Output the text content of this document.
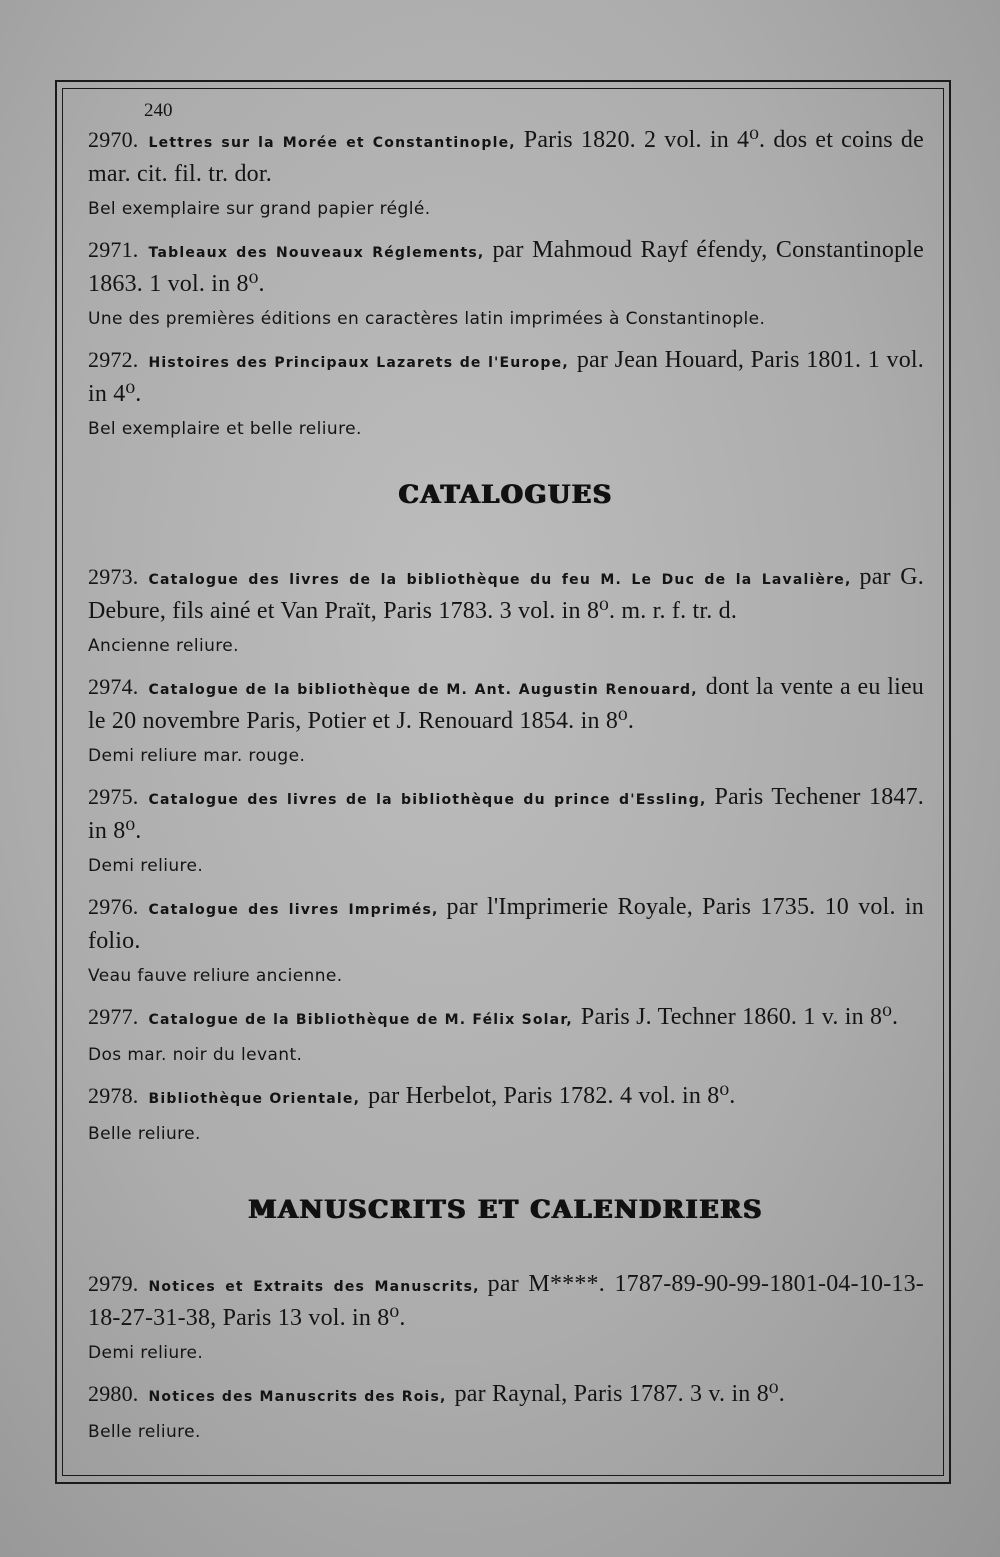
240

2970. Lettres sur la Morée et Constantinople, Paris 1820. 2 vol. in 4⁰. dos et coins de mar. cit. fil. tr. dor.

Bel exemplaire sur grand papier réglé.

2971. Tableaux des Nouveaux Réglements, par Mahmoud Rayf éfendy, Constantinople 1863. 1 vol. in 8⁰.

Une des premières éditions en caractères latin imprimées à Constantinople.

2972. Histoires des Principaux Lazarets de l'Europe, par Jean Houard, Paris 1801. 1 vol. in 4⁰.

Bel exemplaire et belle reliure.

CATALOGUES

2973. Catalogue des livres de la bibliothèque du feu M. Le Duc de la Lavalière, par G. Debure, fils ainé et Van Praït, Paris 1783. 3 vol. in 8⁰. m. r. f. tr. d.

Ancienne reliure.

2974. Catalogue de la bibliothèque de M. Ant. Augustin Renouard, dont la vente a eu lieu le 20 novembre Paris, Potier et J. Renouard 1854. in 8⁰.

Demi reliure mar. rouge.

2975. Catalogue des livres de la bibliothèque du prince d'Essling, Paris Techener 1847. in 8⁰.

Demi reliure.

2976. Catalogue des livres Imprimés, par l'Imprimerie Royale, Paris 1735. 10 vol. in folio.

Veau fauve reliure ancienne.

2977. Catalogue de la Bibliothèque de M. Félix Solar, Paris J. Techner 1860. 1 v. in 8⁰.

Dos mar. noir du levant.

2978. Bibliothèque Orientale, par Herbelot, Paris 1782. 4 vol. in 8⁰.

Belle reliure.

MANUSCRITS ET CALENDRIERS

2979. Notices et Extraits des Manuscrits, par M****. 1787-89-90-99-1801-04-10-13-18-27-31-38, Paris 13 vol. in 8⁰.

Demi reliure.

2980. Notices des Manuscrits des Rois, par Raynal, Paris 1787. 3 v. in 8⁰.

Belle reliure.
